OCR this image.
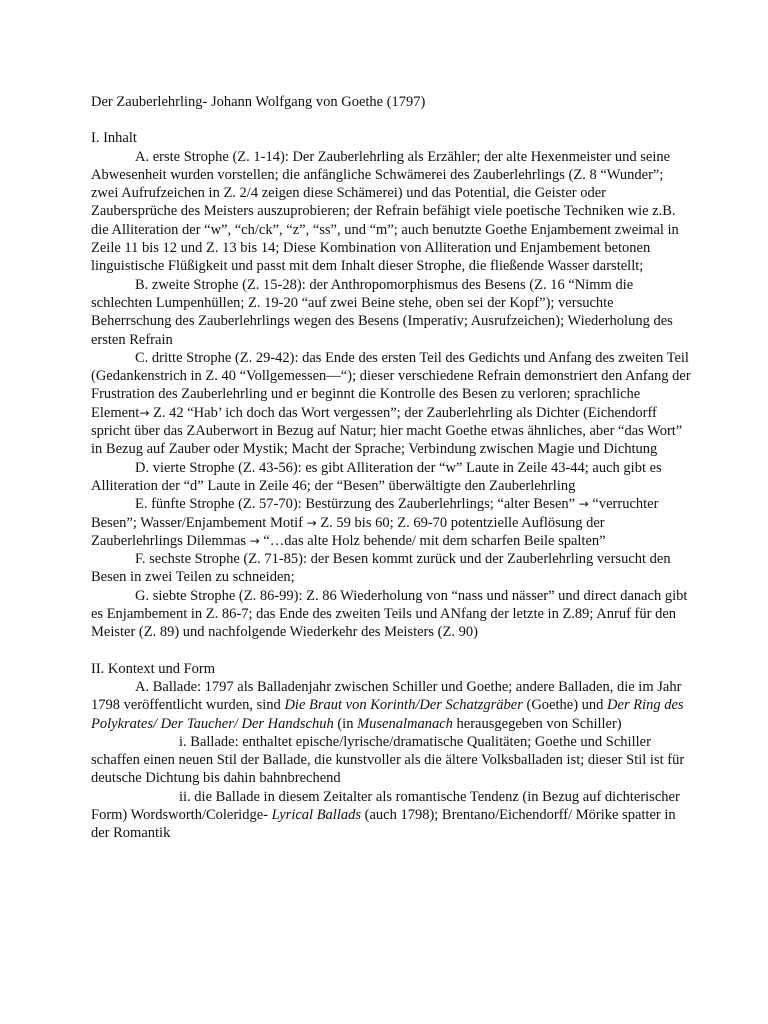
Der Zauberlehrling- Johann Wolfgang von Goethe (1797)

I. Inhalt

A. erste Strophe (Z. 1-14): Der Zauberlehrling als Erzähler; der alte Hexenmeister und seine Abwesenheit wurden vorstellen; die anfängliche Schwämerei des Zauberlehrlings (Z. 8 “Wunder”; zwei Aufrufzeichen in Z. 2/4 zeigen diese Schämerei) und das Potential, die Geister oder Zaubersprüche des Meisters auszuprobieren; der Refrain befähigt viele poetische Techniken wie z.B. die Alliteration der “w”, “ch/ck”, “z”, “ss”, und “m”; auch benutzte Goethe Enjambement zweimal in Zeile 11 bis 12 und Z. 13 bis 14; Diese Kombination von Alliteration und Enjambement betonen linguistische Flüßigkeit und passt mit dem Inhalt dieser Strophe, die fließende Wasser darstellt;

B. zweite Strophe (Z. 15-28): der Anthropomorphismus des Besens (Z. 16 “Nimm die schlechten Lumpenhüllen; Z. 19-20 “auf zwei Beine stehe, oben sei der Kopf”); versuchte Beherrschung des Zauberlehrlings wegen des Besens (Imperativ; Ausrufzeichen); Wiederholung des ersten Refrain

C. dritte Strophe (Z. 29-42): das Ende des ersten Teil des Gedichts und Anfang des zweiten Teil (Gedankenstrich in Z. 40 “Vollgemessen—“); dieser verschiedene Refrain demonstriert den Anfang der Frustration des Zauberlehrling und er beginnt die Kontrolle des Besen zu verloren; sprachliche Element→ Z. 42 “Hab’ ich doch das Wort vergessen”; der Zauberlehrling als Dichter (Eichendorff spricht über das ZAuberwort in Bezug auf Natur; hier macht Goethe etwas ähnliches, aber “das Wort” in Bezug auf Zauber oder Mystik; Macht der Sprache; Verbindung zwischen Magie und Dichtung

D. vierte Strophe (Z. 43-56): es gibt Alliteration der “w” Laute in Zeile 43-44; auch gibt es Alliteration der “d” Laute in Zeile 46; der “Besen” überwältigte den Zauberlehrling

E. fünfte Strophe (Z. 57-70): Bestürzung des Zauberlehrlings; “alter Besen” → “verruchter Besen”; Wasser/Enjambement Motif → Z. 59 bis 60; Z. 69-70 potentzielle Auflösung der Zauberlehrlings Dilemmas → “…das alte Holz behende/ mit dem scharfen Beile spalten”

F. sechste Strophe (Z. 71-85): der Besen kommt zurück und der Zauberlehrling versucht den Besen in zwei Teilen zu schneiden;

G. siebte Strophe (Z. 86-99): Z. 86 Wiederholung von “nass und nässer” und direct danach gibt es Enjambement in Z. 86-7; das Ende des zweiten Teils und ANfang der letzte in Z.89; Anruf für den Meister (Z. 89) und nachfolgende Wiederkehr des Meisters (Z. 90)

II. Kontext und Form

A. Ballade: 1797 als Balladenjahr zwischen Schiller und Goethe; andere Balladen, die im Jahr 1798 veröffentlicht wurden, sind Die Braut von Korinth/Der Schatzgräber (Goethe) und Der Ring des Polykrates/ Der Taucher/ Der Handschuh (in Musenalmanach herausgegeben von Schiller)

i. Ballade: enthaltet epische/lyrische/dramatische Qualitäten; Goethe und Schiller schaffen einen neuen Stil der Ballade, die kunstvoller als die ältere Volksballaden ist; dieser Stil ist für deutsche Dichtung bis dahin bahnbrechend

ii. die Ballade in diesem Zeitalter als romantische Tendenz (in Bezug auf dichterischer Form) Wordsworth/Coleridge- Lyrical Ballads (auch 1798); Brentano/Eichendorff/ Mörike spatter in der Romantik
